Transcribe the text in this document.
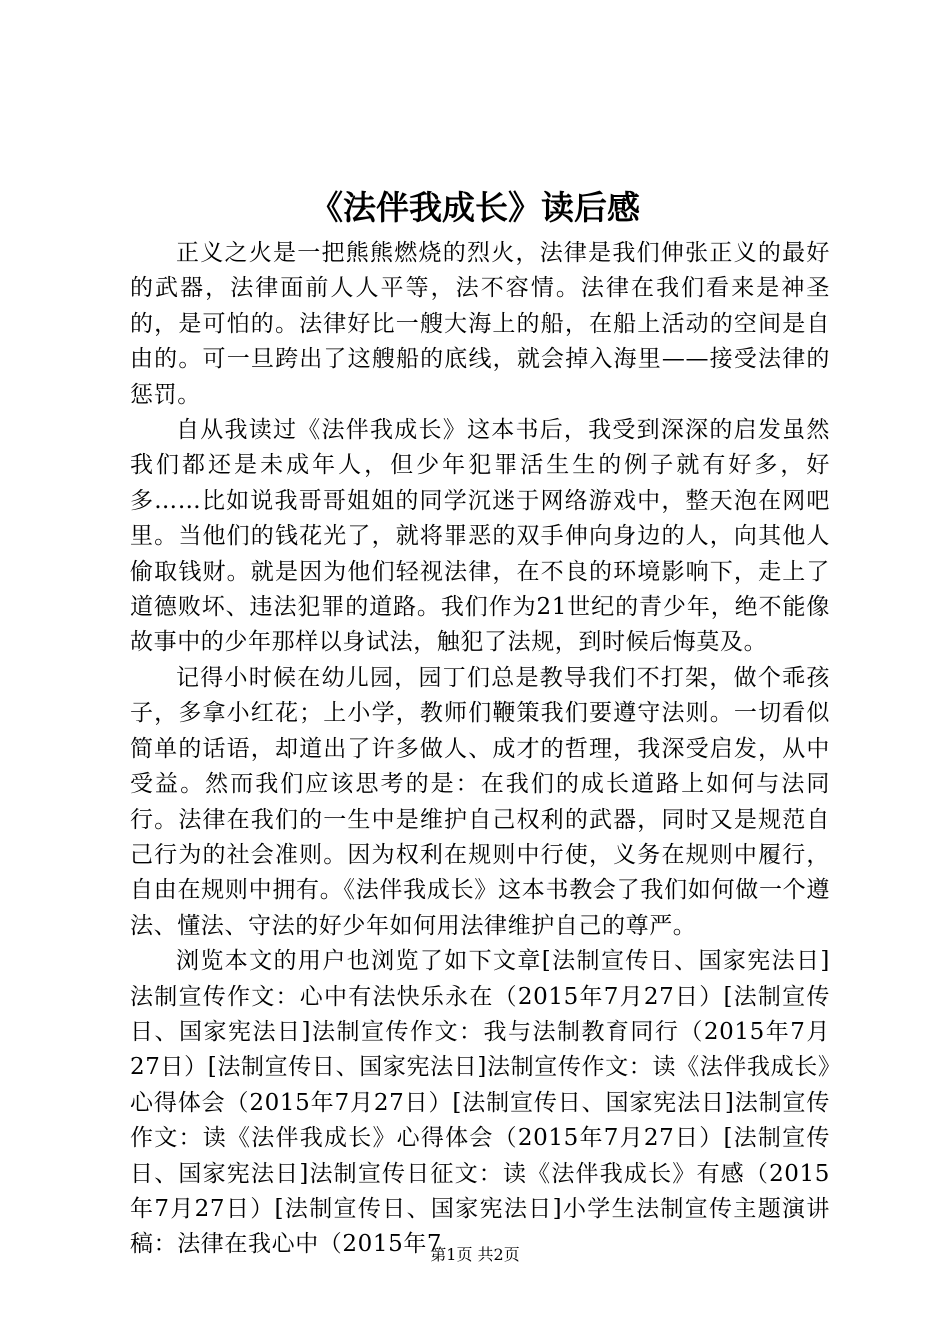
《法伴我成长》读后感

正义之火是一把熊熊燃烧的烈火，法律是我们伸张正义的最好的武器，法律面前人人平等，法不容情。法律在我们看来是神圣的，是可怕的。法律好比一艘大海上的船，在船上活动的空间是自由的。可一旦跨出了这艘船的底线，就会掉入海里——接受法律的惩罚。

自从我读过《法伴我成长》这本书后，我受到深深的启发虽然我们都还是未成年人，但少年犯罪活生生的例子就有好多，好多……比如说我哥哥姐姐的同学沉迷于网络游戏中，整天泡在网吧里。当他们的钱花光了，就将罪恶的双手伸向身边的人，向其他人偷取钱财。就是因为他们轻视法律，在不良的环境影响下，走上了道德败坏、违法犯罪的道路。我们作为21世纪的青少年，绝不能像故事中的少年那样以身试法，触犯了法规，到时候后悔莫及。

记得小时候在幼儿园，园丁们总是教导我们不打架，做个乖孩子，多拿小红花；上小学，教师们鞭策我们要遵守法则。一切看似简单的话语，却道出了许多做人、成才的哲理，我深受启发，从中受益。然而我们应该思考的是：在我们的成长道路上如何与法同行。法律在我们的一生中是维护自己权利的武器，同时又是规范自己行为的社会准则。因为权利在规则中行使，义务在规则中履行，自由在规则中拥有。《法伴我成长》这本书教会了我们如何做一个遵法、懂法、守法的好少年如何用法律维护自己的尊严。

浏览本文的用户也浏览了如下文章[法制宣传日、国家宪法日]法制宣传作文：心中有法快乐永在（2015年7月27日）[法制宣传日、国家宪法日]法制宣传作文：我与法制教育同行（2015年7月27日）[法制宣传日、国家宪法日]法制宣传作文：读《法伴我成长》心得体会（2015年7月27日）[法制宣传日、国家宪法日]法制宣传作文：读《法伴我成长》心得体会（2015年7月27日）[法制宣传日、国家宪法日]法制宣传日征文：读《法伴我成长》有感（2015年7月27日）[法制宣传日、国家宪法日]小学生法制宣传主题演讲稿：法律在我心中（2015年7

第1页 共2页
